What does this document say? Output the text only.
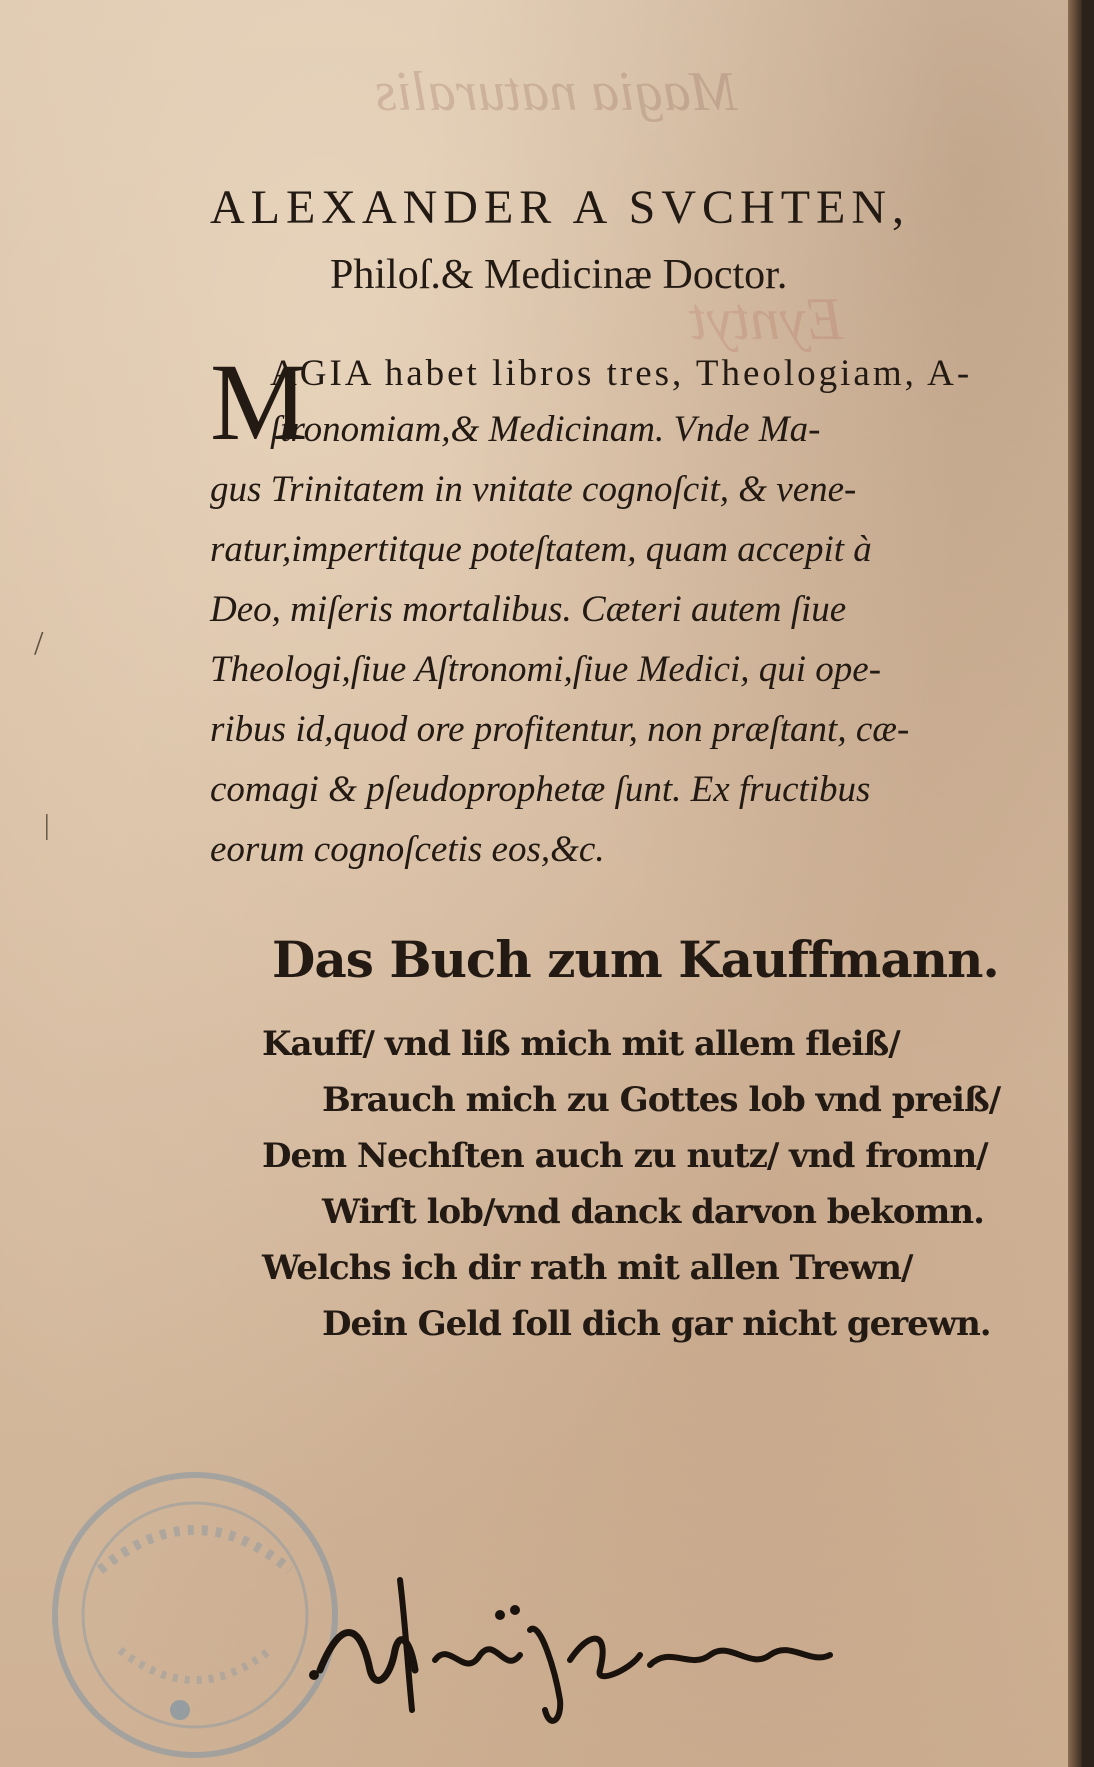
Magia naturalis
Eyntyt
ALEXANDER A SVCHTEN,
Philoſ.& Medicinæ Doctor.
M
AGIA habet libros tres, Theologiam, A-
ſtronomiam,& Medicinam. Vnde Ma-
gus Trinitatem in vnitate cognoſcit, & vene-
ratur,impertitque poteſtatem, quam accepit à
Deo, miſeris mortalibus. Cæteri autem ſiue
Theologi,ſiue Aſtronomi,ſiue Medici, qui ope-
ribus id,quod ore profitentur, non præſtant, cæ-
comagi & pſeudoprophetæ ſunt. Ex fructibus
eorum cognoſcetis eos,&c.
/
|
Das Buch zum Kauffmann.
Kauff/ vnd liß mich mit allem fleiß/
Brauch mich zu Gottes lob vnd preiß/
Dem Nechſten auch zu nutz/ vnd fromn/
Wirſt lob/vnd danck darvon bekomn.
Welchs ich dir rath mit allen Trewn/
Dein Geld ſoll dich gar nicht gerewn.
